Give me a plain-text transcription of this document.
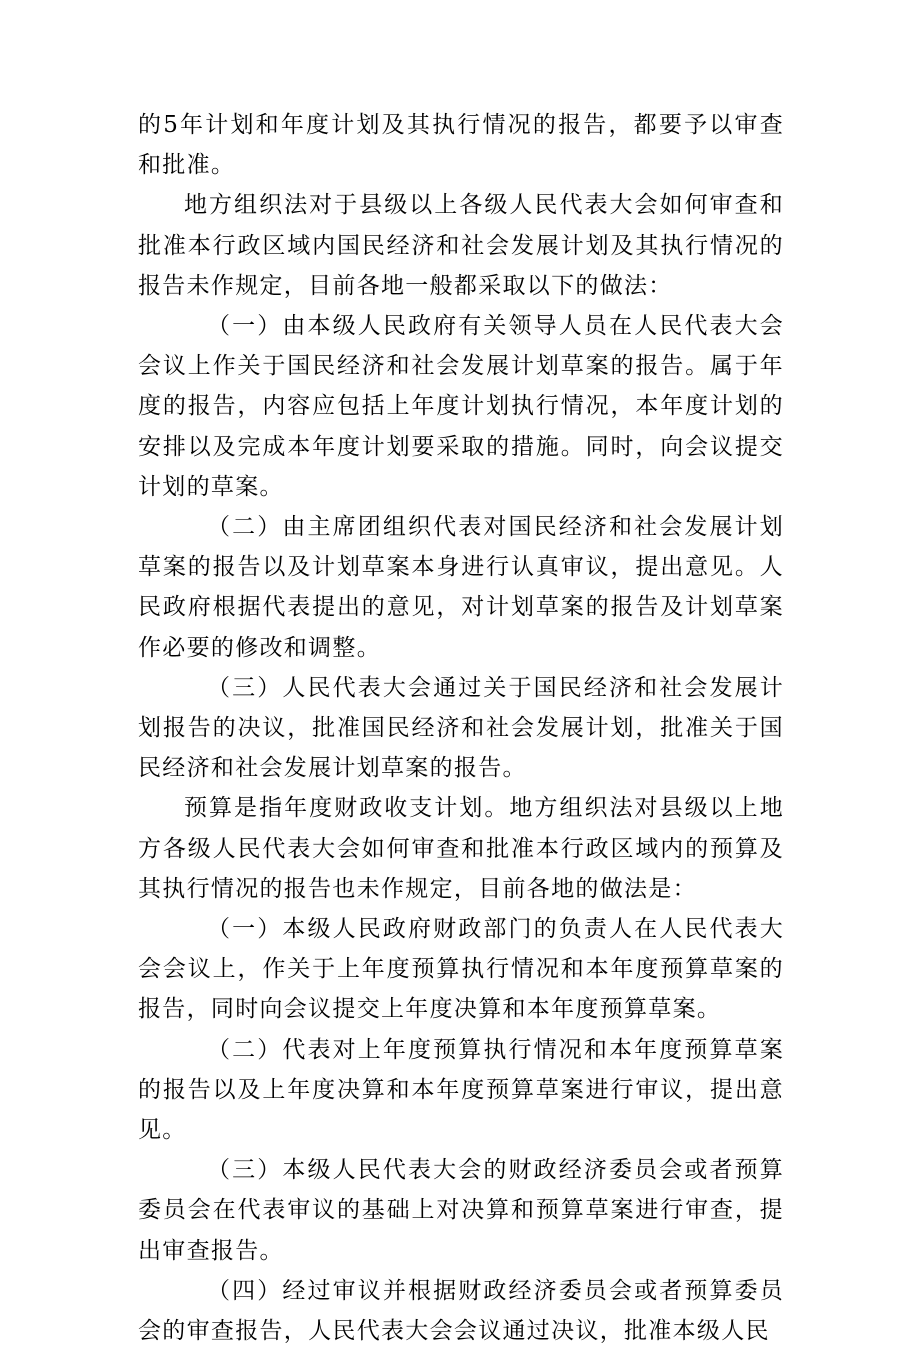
的5年计划和年度计划及其执行情况的报告，都要予以审查和批准。

地方组织法对于县级以上各级人民代表大会如何审查和批准本行政区域内国民经济和社会发展计划及其执行情况的报告未作规定，目前各地一般都采取以下的做法：

（一）由本级人民政府有关领导人员在人民代表大会会议上作关于国民经济和社会发展计划草案的报告。属于年度的报告，内容应包括上年度计划执行情况，本年度计划的安排以及完成本年度计划要采取的措施。同时，向会议提交计划的草案。

（二）由主席团组织代表对国民经济和社会发展计划草案的报告以及计划草案本身进行认真审议，提出意见。人民政府根据代表提出的意见，对计划草案的报告及计划草案作必要的修改和调整。

（三）人民代表大会通过关于国民经济和社会发展计划报告的决议，批准国民经济和社会发展计划，批准关于国民经济和社会发展计划草案的报告。

预算是指年度财政收支计划。地方组织法对县级以上地方各级人民代表大会如何审查和批准本行政区域内的预算及其执行情况的报告也未作规定，目前各地的做法是：

（一）本级人民政府财政部门的负责人在人民代表大会会议上，作关于上年度预算执行情况和本年度预算草案的报告，同时向会议提交上年度决算和本年度预算草案。

（二）代表对上年度预算执行情况和本年度预算草案的报告以及上年度决算和本年度预算草案进行审议，提出意见。

（三）本级人民代表大会的财政经济委员会或者预算委员会在代表审议的基础上对决算和预算草案进行审查，提出审查报告。

（四）经过审议并根据财政经济委员会或者预算委员会的审查报告，人民代表大会会议通过决议，批准本级人民
